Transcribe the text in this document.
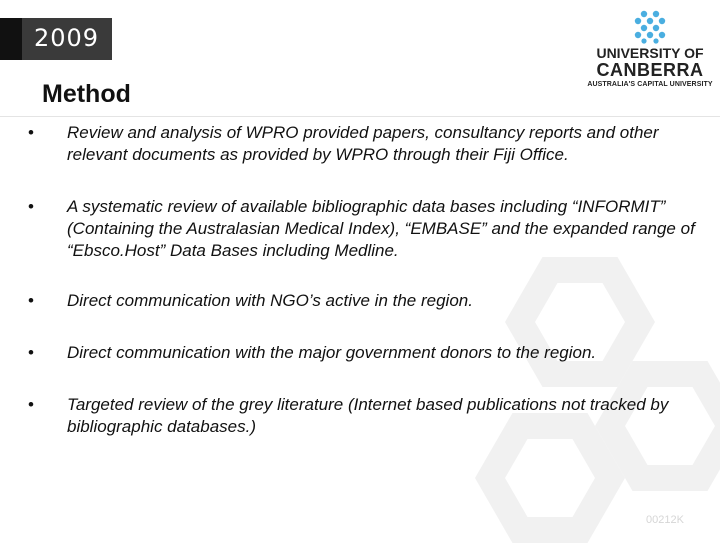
2009
UNIVERSITY OF
CANBERRA
AUSTRALIA'S CAPITAL UNIVERSITY
Method
• Review and analysis of WPRO provided papers, consultancy reports and other relevant documents as provided by WPRO through their Fiji Office.
• A systematic review of available bibliographic data bases including “INFORMIT” (Containing the Australasian Medical Index), “EMBASE” and the expanded range of “Ebsco.Host” Data Bases including Medline.
• Direct communication with NGO’s active in the region.
• Direct communication with the major government donors to the region.
• Targeted review of the grey literature (Internet based publications not tracked by bibliographic databases.)
00212K
